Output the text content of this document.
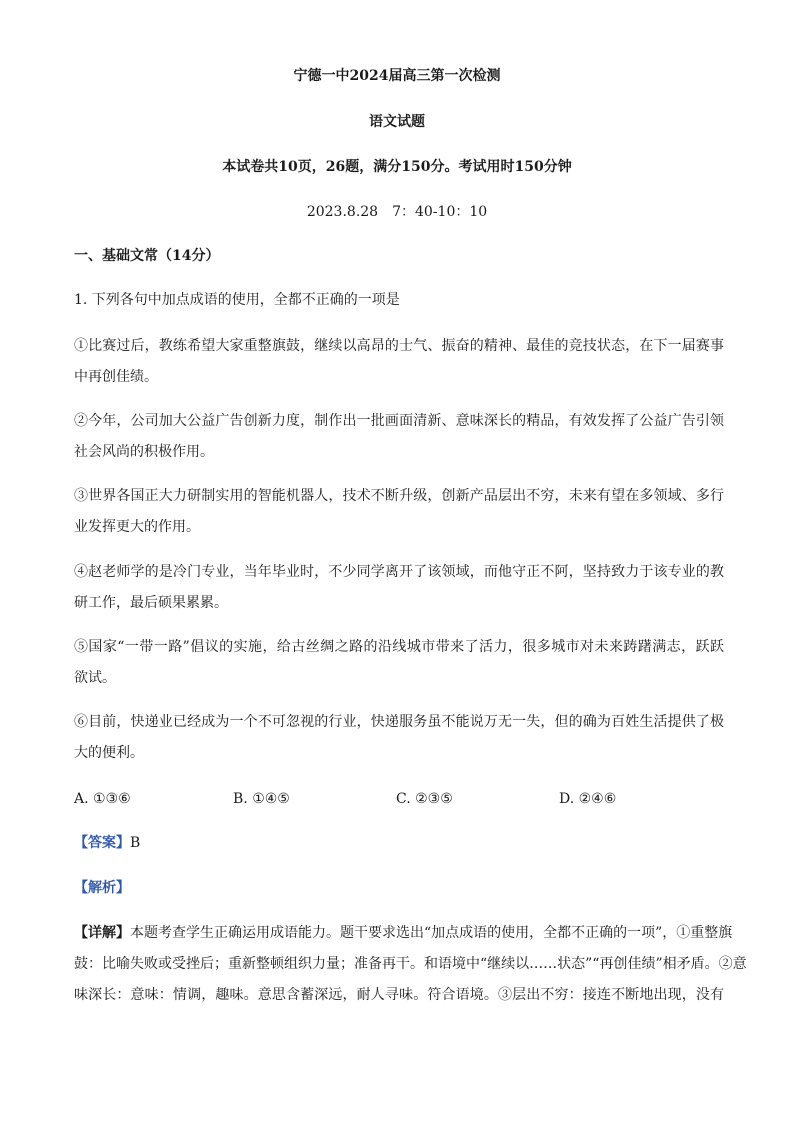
宁德一中2024届高三第一次检测
语文试题
本试卷共10页，26题，满分150分。考试用时150分钟
2023.8.28　7：40-10：10
一、基础文常（14分）
1. 下列各句中加点成语的使用，全都不正确的一项是
①比赛过后，教练希望大家重整旗鼓，继续以高昂的士气、振奋的精神、最佳的竞技状态，在下一届赛事
中再创佳绩。
②今年，公司加大公益广告创新力度，制作出一批画面清新、意味深长的精品，有效发挥了公益广告引领
社会风尚的积极作用。
③世界各国正大力研制实用的智能机器人，技术不断升级，创新产品层出不穷，未来有望在多领域、多行
业发挥更大的作用。
④赵老师学的是冷门专业，当年毕业时，不少同学离开了该领域，而他守正不阿，坚持致力于该专业的教
研工作，最后硕果累累。
⑤国家“一带一路”倡议的实施，给古丝绸之路的沿线城市带来了活力，很多城市对未来踌躇满志，跃跃
欲试。
⑥目前，快递业已经成为一个不可忽视的行业，快递服务虽不能说万无一失，但的确为百姓生活提供了极
大的便利。
A. ①③⑥	B. ①④⑤	C. ②③⑤	D. ②④⑥
【答案】B
【解析】
【详解】本题考查学生正确运用成语能力。题干要求选出“加点成语的使用，全都不正确的一项”，①重整旗
鼓：比喻失败或受挫后；重新整顿组织力量；准备再干。和语境中“继续以……状态”“再创佳绩”相矛盾。②意
味深长：意味：情调，趣味。意思含蓄深远，耐人寻味。符合语境。③层出不穷：接连不断地出现，没有
